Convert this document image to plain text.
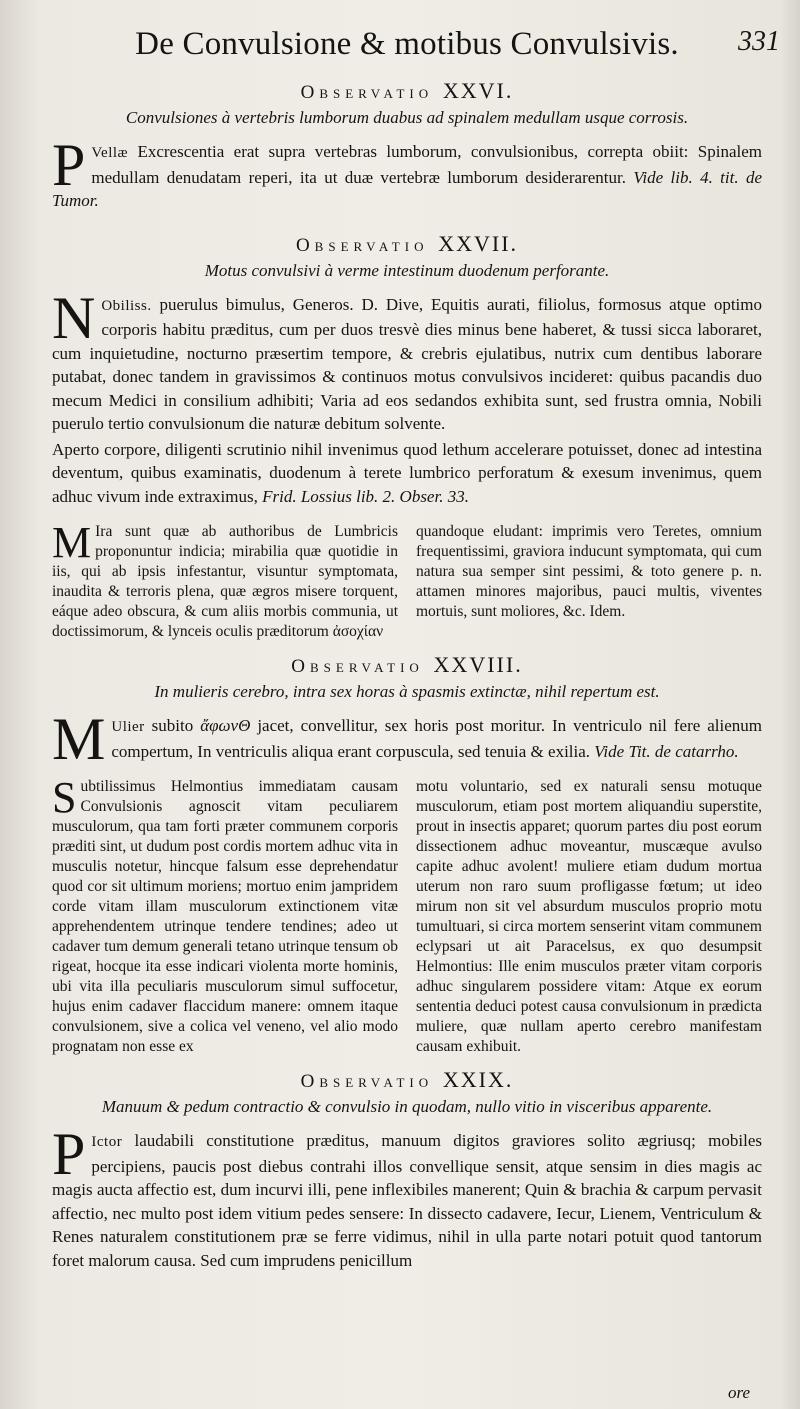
De Convulsione & motibus Convulsivis. 331
Observatio XXVI.
Convulsiones à vertebris lumborum duabus ad spinalem medullam usque corrosis.

P Vellæ Excrescentia erat supra vertebras lumborum, convulsionibus, correpta obiit: Spinalem medullam denudatam reperi, ita ut duæ vertebræ lumborum desiderarentur. Vide lib. 4. tit. de Tumor.

Observatio XXVII.
Motus convulsivi à verme intestinum duodenum perforante.

N Obiliss. puerulus bimulus, Generos. D. Dive, Equitis aurati, filiolus, formosus atque optimo corporis habitu præditus, cum per duos tresvè dies minus bene haberet, & tussi sicca laboraret, cum inquietudine, nocturno præsertim tempore, & crebris ejulatibus, nutrix cum dentibus laborare putabat, donec tandem in gravissimos & continuos motus convulsivos incideret: quibus pacandis duo mecum Medici in consilium adhibiti; Varia ad eos sedandos exhibita sunt, sed frustra omnia, Nobili puerulo tertio convulsionum die naturæ debitum solvente.

Aperto corpore, diligenti scrutinio nihil invenimus quod lethum accelerare potuisset, donec ad intestina deventum, quibus examinatis, duodenum à terete lumbrico perforatum & exesum invenimus, quem adhuc vivum inde extraximus, Frid. Lossius lib. 2. Obser. 33.

M Ira sunt quæ ab authoribus de Lumbricis proponuntur indicia; mirabilia quæ quotidie in iis, qui ab ipsis infestantur, visuntur symptomata, inaudita & terroris plena, quæ ægros misere torquent, eáque adeo obscura, & cum aliis morbis communia, ut doctissimorum, & lynceis oculis præditorum ἀσοχίαν
quandoque eludant: imprimis vero Teretes, omnium frequentissimi, graviora inducunt symptomata, qui cum natura sua semper sint pessimi, & toto genere p. n. attamen minores majoribus, pauci multis, viventes mortuis, sunt moliores, &c. Idem.
Observatio XXVIII.
In mulieris cerebro, intra sex horas à spasmis extinctæ, nihil repertum est.

M Ulier subito ἄφωνΘ jacet, convellitur, sex horis post moritur. In ventriculo nil fere alienum compertum, In ventriculis aliqua erant corpuscula, sed tenuia & exilia. Vide Tit. de catarrho.

S ubtilissimus Helmontius immediatam causam Convulsionis agnoscit vitam peculiarem musculorum, qua tam forti præter communem corporis præditi sint, ut dudum post cordis mortem adhuc vita in musculis notetur, hincque falsum esse deprehendatur quod cor sit ultimum moriens; mortuo enim jampridem corde vitam illam musculorum extinctionem vitæ apprehendentem utrinque tendere tendines; adeo ut cadaver tum demum generali tetano utrinque tensum ob rigeat, hocque ita esse indicari violenta morte hominis, ubi vita illa peculiaris musculorum simul suffocetur, hujus enim cadaver flaccidum manere: omnem itaque convulsionem, sive a colica vel veneno, vel alio modo prognatam non esse ex
motu voluntario, sed ex naturali sensu motuque musculorum, etiam post mortem aliquandiu superstite, prout in insectis apparet; quorum partes diu post eorum dissectionem adhuc moveantur, muscæque avulso capite adhuc avolent! muliere etiam dudum mortua uterum non raro suum profligasse fœtum; ut ideo mirum non sit vel absurdum musculos proprio motu tumultuari, si circa mortem senserint vitam communem eclypsari ut ait Paracelsus, ex quo desumpsit Helmontius: Ille enim musculos præter vitam corporis adhuc singularem possidere vitam: Atque ex eorum sententia deduci potest causa convulsionum in prædicta muliere, quæ nullam aperto cerebro manifestam causam exhibuit.
Observatio XXIX.
Manuum & pedum contractio & convulsio in quodam, nullo vitio in visceribus apparente.

P Ictor laudabili constitutione præditus, manuum digitos graviores solito ægriusq; mobiles percipiens, paucis post diebus contrahi illos convellique sensit, atque sensim in dies magis ac magis aucta affectio est, dum incurvi illi, pene inflexibiles manerent; Quin & brachia & carpum pervasit affectio, nec multo post idem vitium pedes sensere: In dissecto cadavere, Iecur, Lienem, Ventriculum & Renes naturalem constitutionem præ se ferre vidimus, nihil in ulla parte notari potuit quod tantorum foret malorum causa. Sed cum imprudens penicillum

ore
